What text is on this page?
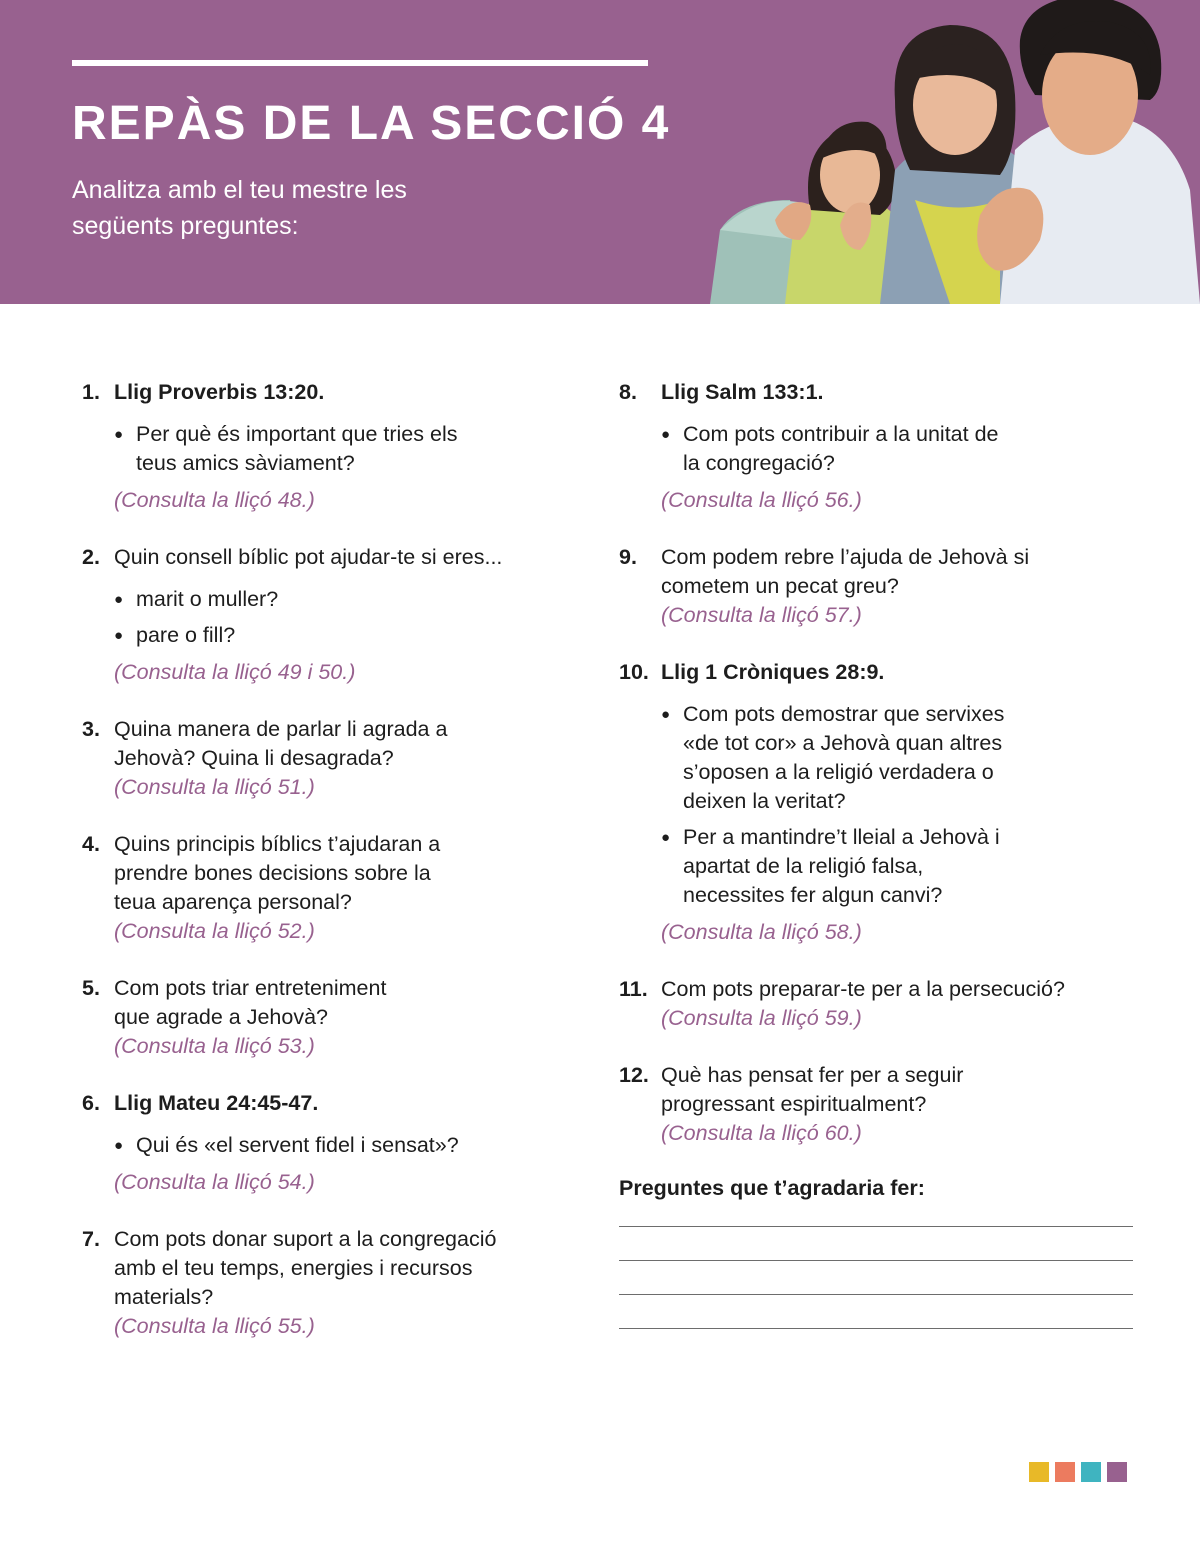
REPÀS DE LA SECCIÓ 4
Analitza amb el teu mestre les següents preguntes:
1. Llig Proverbis 13:20.
● Per què és important que tries els teus amics sàviament?
(Consulta la lliçó 48.)
2. Quin consell bíblic pot ajudar-te si eres...
● marit o muller?
● pare o fill?
(Consulta la lliçó 49 i 50.)
3. Quina manera de parlar li agrada a Jehovà? Quina li desagrada?
(Consulta la lliçó 51.)
4. Quins principis bíblics t’ajudaran a prendre bones decisions sobre la teua aparença personal?
(Consulta la lliçó 52.)
5. Com pots triar entreteniment que agrade a Jehovà?
(Consulta la lliçó 53.)
6. Llig Mateu 24:45-47.
● Qui és «el servent fidel i sensat»?
(Consulta la lliçó 54.)
7. Com pots donar suport a la congregació amb el teu temps, energies i recursos materials?
(Consulta la lliçó 55.)
8.	Llig Salm 133:1.
● Com pots contribuir a la unitat de la congregació?
(Consulta la lliçó 56.)
9.	Com podem rebre l’ajuda de Jehovà si cometem un pecat greu?
(Consulta la lliçó 57.)
10. Llig 1 Cròniques 28:9.
● Com pots demostrar que servixes «de tot cor» a Jehovà quan altres s’oposen a la religió verdadera o deixen la veritat?
● Per a mantindre’t lleial a Jehovà i apartat de la religió falsa, necessites fer algun canvi?
(Consulta la lliçó 58.)
11. Com pots preparar-te per a la persecució?
(Consulta la lliçó 59.)
12. Què has pensat fer per a seguir progressant espiritualment?
(Consulta la lliçó 60.)
Preguntes que t’agradaria fer:
